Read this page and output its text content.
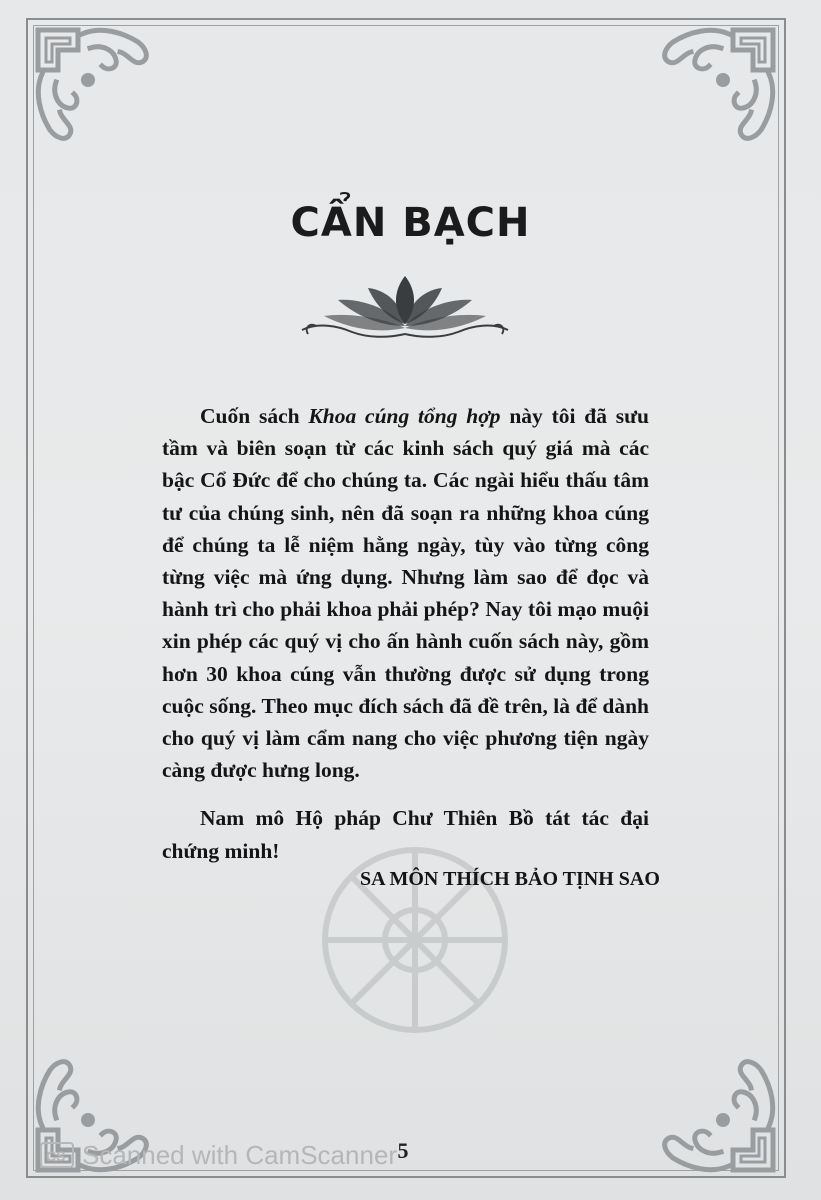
CẨN BẠCH

Cuốn sách Khoa cúng tổng hợp này tôi đã sưu tầm và biên soạn từ các kinh sách quý giá mà các bậc Cổ Đức để cho chúng ta. Các ngài hiểu thấu tâm tư của chúng sinh, nên đã soạn ra những khoa cúng để chúng ta lễ niệm hằng ngày, tùy vào từng công từng việc mà ứng dụng. Nhưng làm sao để đọc và hành trì cho phải khoa phải phép? Nay tôi mạo muội xin phép các quý vị cho ấn hành cuốn sách này, gồm hơn 30 khoa cúng vẫn thường được sử dụng trong cuộc sống. Theo mục đích sách đã đề trên, là để dành cho quý vị làm cẩm nang cho việc phương tiện ngày càng được hưng long.

Nam mô Hộ pháp Chư Thiên Bồ tát tác đại chứng minh!

SA MÔN THÍCH BẢO TỊNH SAO
5
CS Scanned with CamScanner
